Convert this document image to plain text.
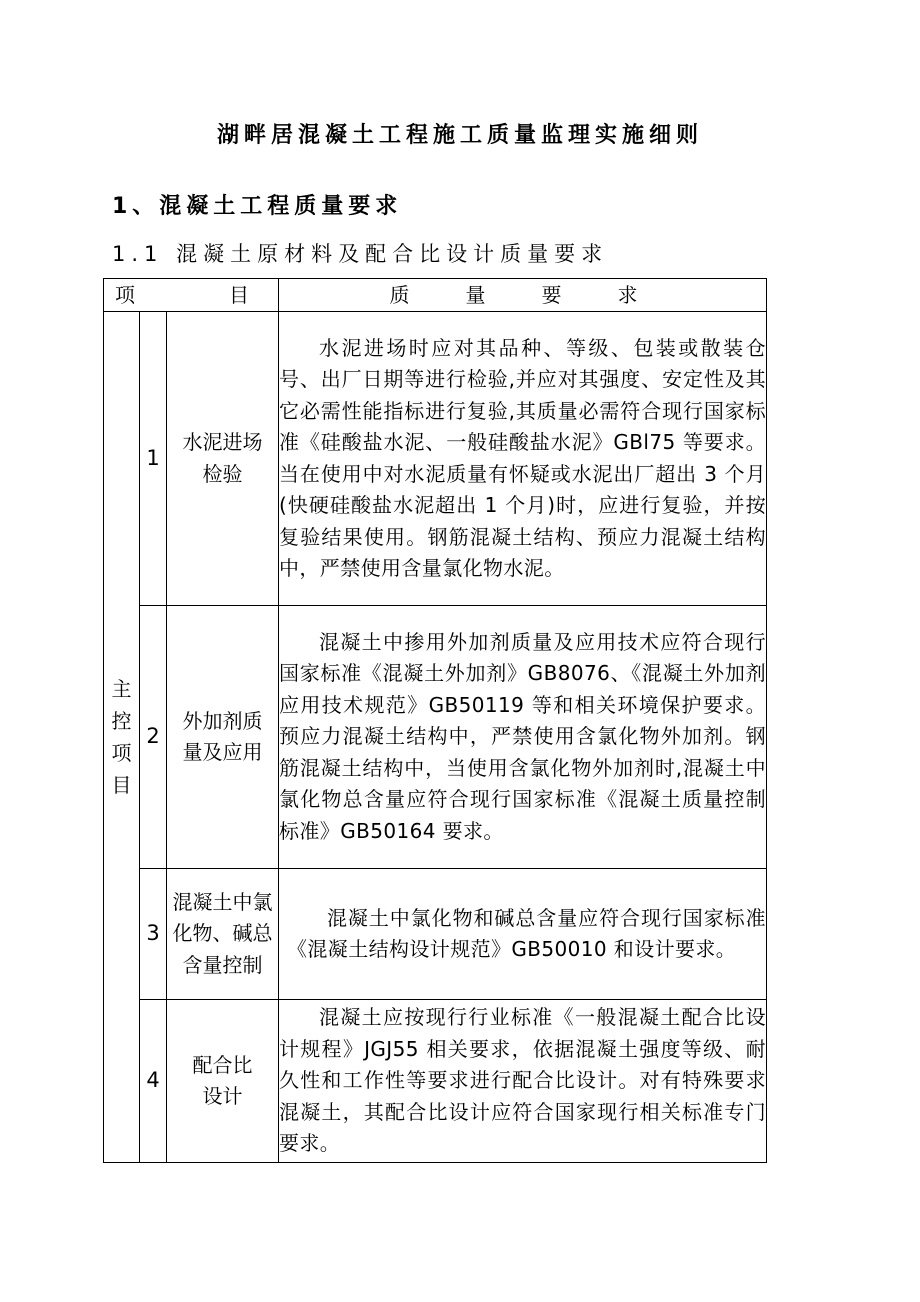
湖畔居混凝土工程施工质量监理实施细则
1、混凝土工程质量要求
1.1 混凝土原材料及配合比设计质量要求
项　　目			质　量　要　求
主控项目	1	水泥进场检验	水泥进场时应对其品种、等级、包装或散装仓号、出厂日期等进行检验,并应对其强度、安定性及其它必需性能指标进行复验,其质量必需符合现行国家标准《硅酸盐水泥、一般硅酸盐水泥》GBl75 等要求。当在使用中对水泥质量有怀疑或水泥出厂超出 3 个月(快硬硅酸盐水泥超出 1 个月)时，应进行复验，并按复验结果使用。钢筋混凝土结构、预应力混凝土结构中，严禁使用含量氯化物水泥。

	2	外加剂质量及应用	混凝土中掺用外加剂质量及应用技术应符合现行国家标准《混凝土外加剂》GB8076、《混凝土外加剂应用技术规范》GB50119 等和相关环境保护要求。预应力混凝土结构中，严禁使用含氯化物外加剂。钢筋混凝土结构中，当使用含氯化物外加剂时,混凝土中氯化物总含量应符合现行国家标准《混凝土质量控制标准》GB50164 要求。

	3	混凝土中氯化物、碱总含量控制	混凝土中氯化物和碱总含量应符合现行国家标准《混凝土结构设计规范》GB50010 和设计要求。

	4	配合比设计	混凝土应按现行行业标准《一般混凝土配合比设计规程》JGJ55 相关要求，依据混凝土强度等级、耐久性和工作性等要求进行配合比设计。对有特殊要求混凝土，其配合比设计应符合国家现行相关标准专门要求。
